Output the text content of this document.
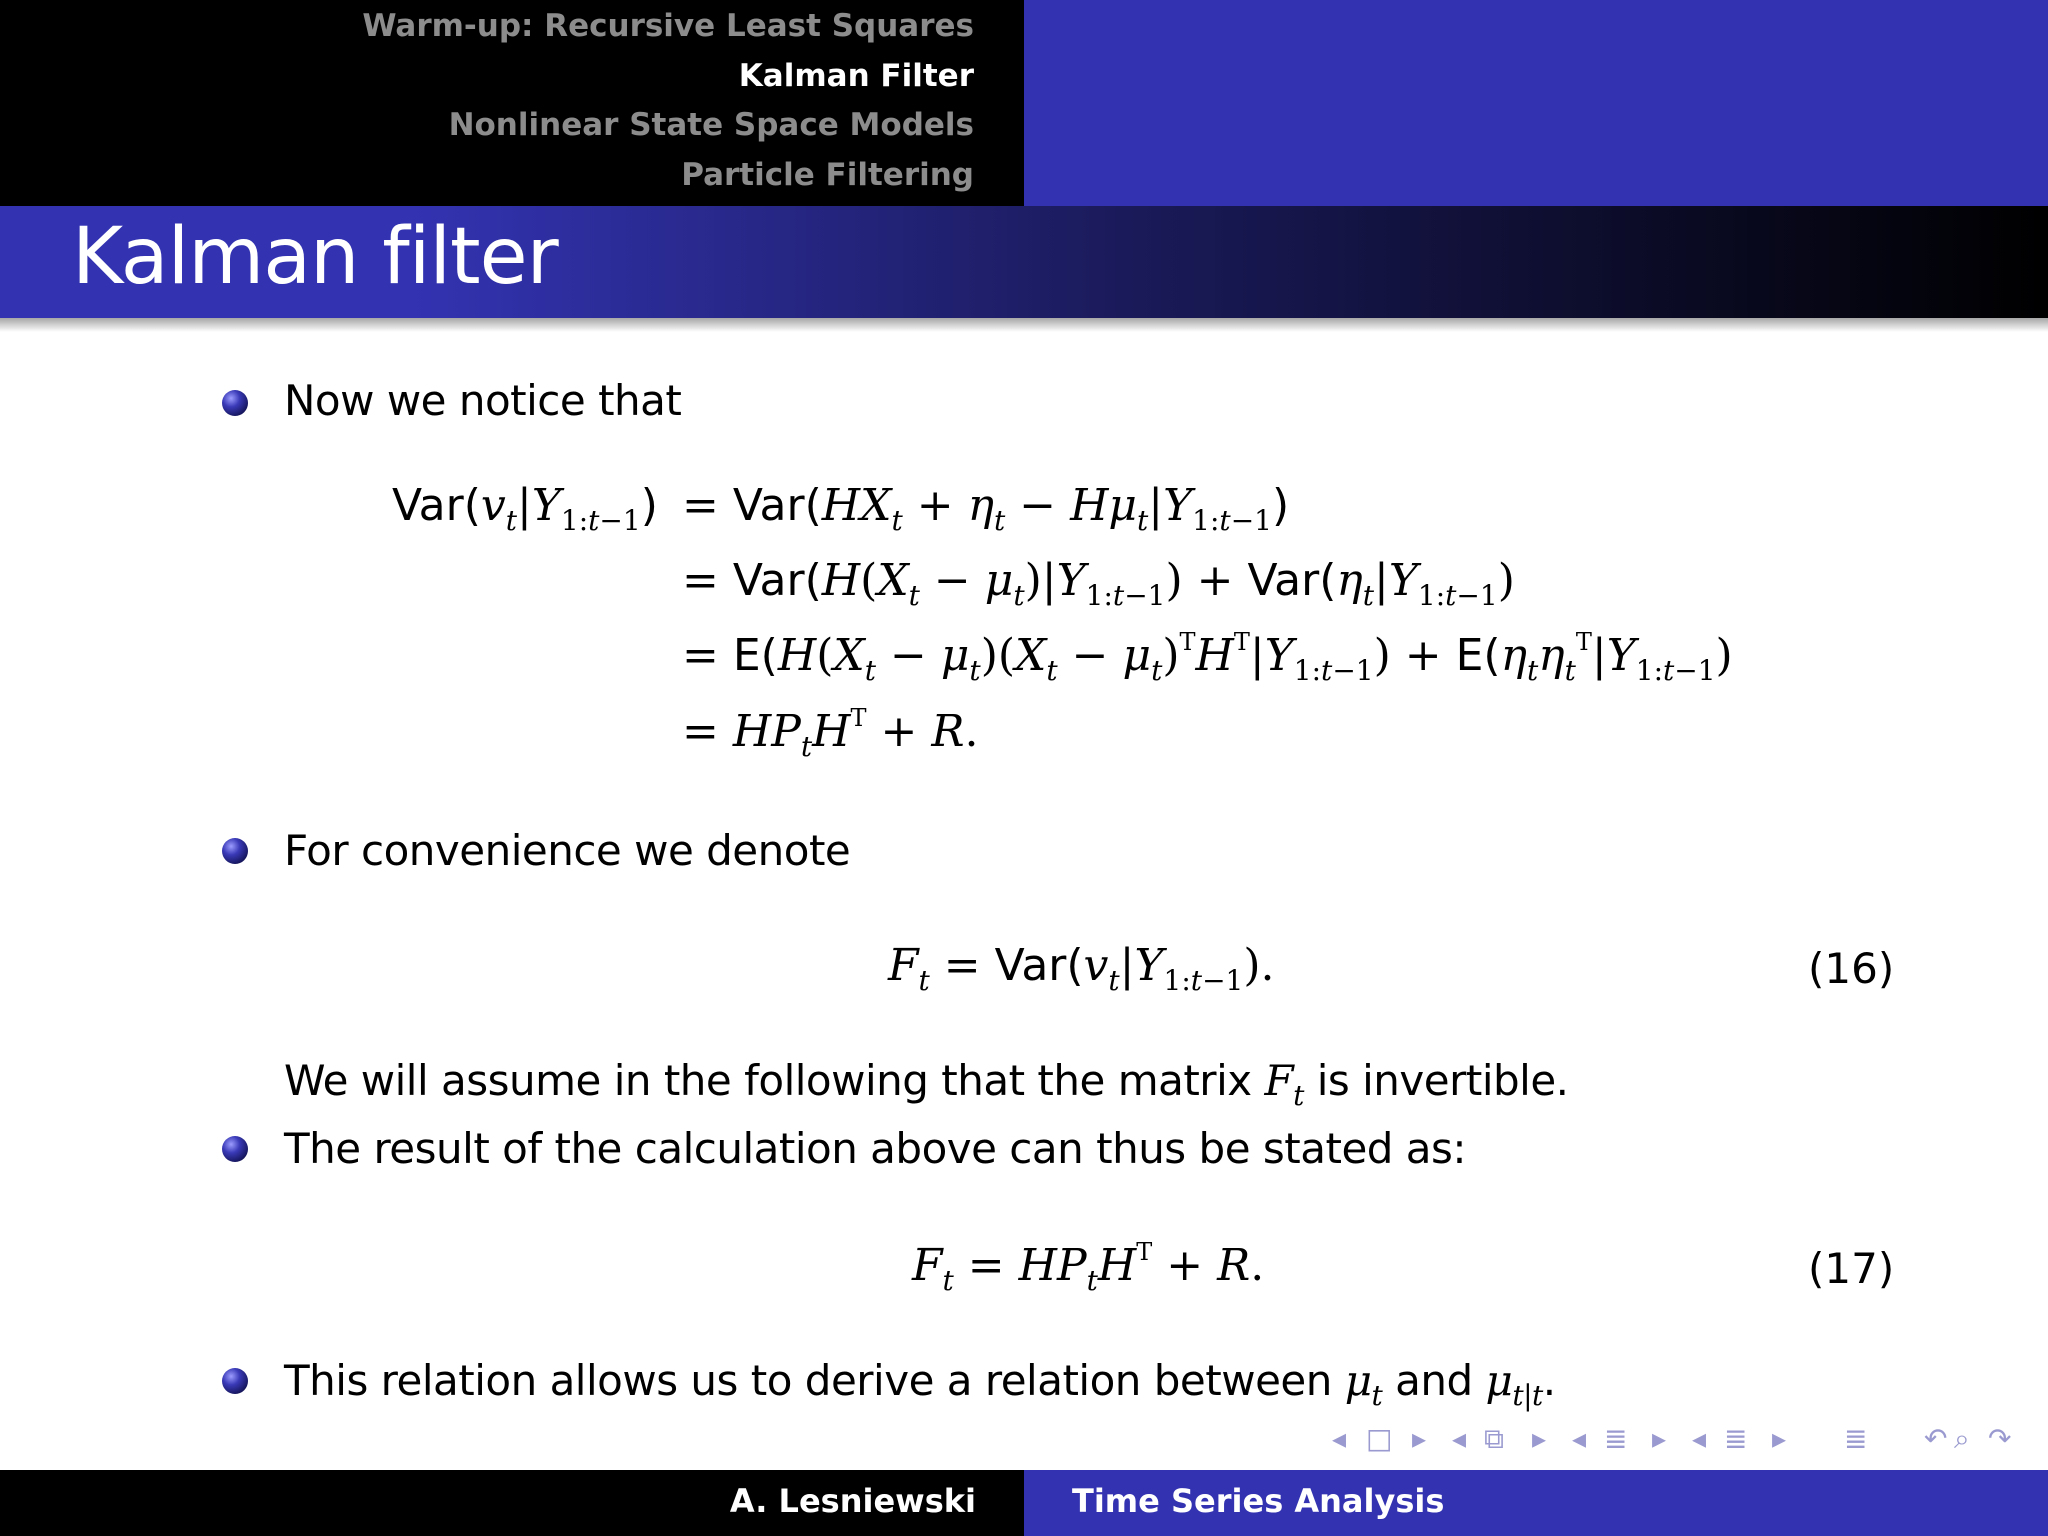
Warm-up: Recursive Least Squares
Kalman Filter
Nonlinear State Space Models
Particle Filtering
Kalman filter
Now we notice that
$Var(v_t|Y_{1:t-1}) = Var(HX_t + \eta_t - H\mu_t|Y_{1:t-1})$
= $Var(H(X_t - \mu_t)|Y_{1:t-1}) + Var(\eta_t|Y_{1:t-1})$
= $E(H(X_t - \mu_t)(X_t - \mu_t)^TH^T|Y_{1:t-1}) + E(\eta_t\eta_t^T|Y_{1:t-1})$
= $HP_tH^T + R$.
For convenience we denote
$F_t = Var(v_t|Y_{1:t-1})$.	(16)
We will assume in the following that the matrix $F_t$ is invertible.
The result of the calculation above can thus be stated as:
$F_t = HP_tH^T + R$.	(17)
This relation allows us to derive a relation between $\mu_t$ and $\mu_{t|t}$.
◂ □ ▸ ◂ ⧉ ▸ ◂ ≣ ▸ ◂ ≣ ▸ ≣ ↶ ⌕ ↷
A. Lesniewski	Time Series Analysis
